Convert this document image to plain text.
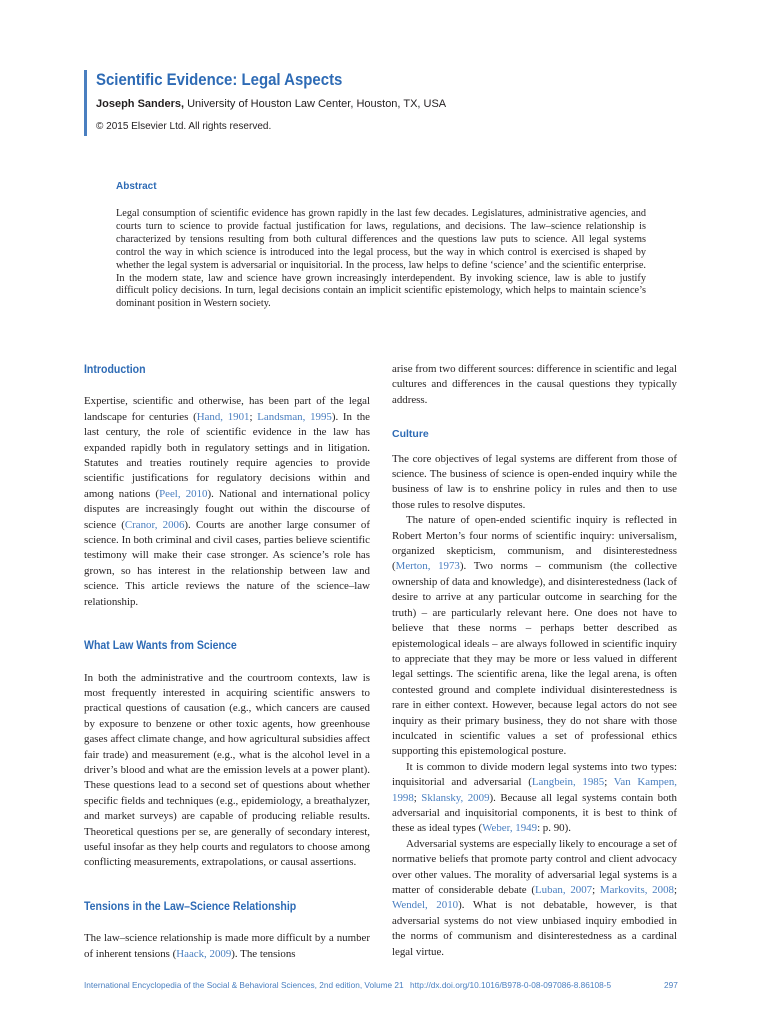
Scientific Evidence: Legal Aspects
Joseph Sanders, University of Houston Law Center, Houston, TX, USA
© 2015 Elsevier Ltd. All rights reserved.
Abstract
Legal consumption of scientific evidence has grown rapidly in the last few decades. Legislatures, administrative agencies, and courts turn to science to provide factual justification for laws, regulations, and decisions. The law–science relationship is characterized by tensions resulting from both cultural differences and the questions law puts to science. All legal systems control the way in which science is introduced into the legal process, but the way in which control is exercised is shaped by whether the legal system is adversarial or inquisitorial. In the process, law helps to define ‘science’ and the scientific enterprise. In the modern state, law and science have grown increasingly interdependent. By invoking science, law is able to justify difficult policy decisions. In turn, legal decisions contain an implicit scientific epistemology, which helps to maintain science’s dominant position in Western society.
Introduction

Expertise, scientific and otherwise, has been part of the legal landscape for centuries (Hand, 1901; Landsman, 1995). In the last century, the role of scientific evidence in the law has expanded rapidly both in regulatory settings and in litigation. Statutes and treaties routinely require agencies to provide scientific justifications for regulatory decisions within and among nations (Peel, 2010). National and international policy disputes are increasingly fought out within the discourse of science (Cranor, 2006). Courts are another large consumer of science. In both criminal and civil cases, parties believe scientific testimony will make their case stronger. As science’s role has grown, so has interest in the relationship between law and science. This article reviews the nature of the science–law relationship.

What Law Wants from Science

In both the administrative and the courtroom contexts, law is most frequently interested in acquiring scientific answers to practical questions of causation (e.g., which cancers are caused by exposure to benzene or other toxic agents, how greenhouse gases affect climate change, and how agricultural subsidies affect fair trade) and measurement (e.g., what is the alcohol level in a driver’s blood and what are the emission levels at a power plant). These questions lead to a second set of questions about whether specific fields and techniques (e.g., epidemiology, a breathalyzer, and market surveys) are capable of producing reliable results. Theoretical questions per se, are generally of secondary interest, useful insofar as they help courts and regulators to choose among conflicting measurements, extrapolations, or causal assertions.

Tensions in the Law–Science Relationship

The law–science relationship is made more difficult by a number of inherent tensions (Haack, 2009). The tensions

arise from two different sources: difference in scientific and legal cultures and differences in the causal questions they typically address.

Culture

The core objectives of legal systems are different from those of science. The business of science is open-ended inquiry while the business of law is to enshrine policy in rules and then to use those rules to resolve disputes.

The nature of open-ended scientific inquiry is reflected in Robert Merton’s four norms of scientific inquiry: universalism, organized skepticism, communism, and disinterestedness (Merton, 1973). Two norms – communism (the collective ownership of data and knowledge), and disinterestedness (lack of desire to arrive at any particular outcome in searching for the truth) – are particularly relevant here. One does not have to believe that these norms – perhaps better described as epistemological ideals – are always followed in scientific inquiry to appreciate that they may be more or less valued in different legal settings. The scientific arena, like the legal arena, is often contested ground and complete individual disinterestedness is rare in either context. However, because legal actors do not see inquiry as their primary business, they do not share with those inculcated in scientific values a set of professional ethics supporting this epistemological posture.

It is common to divide modern legal systems into two types: inquisitorial and adversarial (Langbein, 1985; Van Kampen, 1998; Sklansky, 2009). Because all legal systems contain both adversarial and inquisitorial components, it is best to think of these as ideal types (Weber, 1949: p. 90).

Adversarial systems are especially likely to encourage a set of normative beliefs that promote party control and client advocacy over other values. The morality of adversarial legal systems is a matter of considerable debate (Luban, 2007; Markovits, 2008; Wendel, 2010). What is not debatable, however, is that adversarial systems do not view unbiased inquiry embodied in the norms of communism and disinterestedness as a cardinal legal virtue.

International Encyclopedia of the Social & Behavioral Sciences, 2nd edition, Volume 21 http://dx.doi.org/10.1016/B978-0-08-097086-8.86108-5	297
